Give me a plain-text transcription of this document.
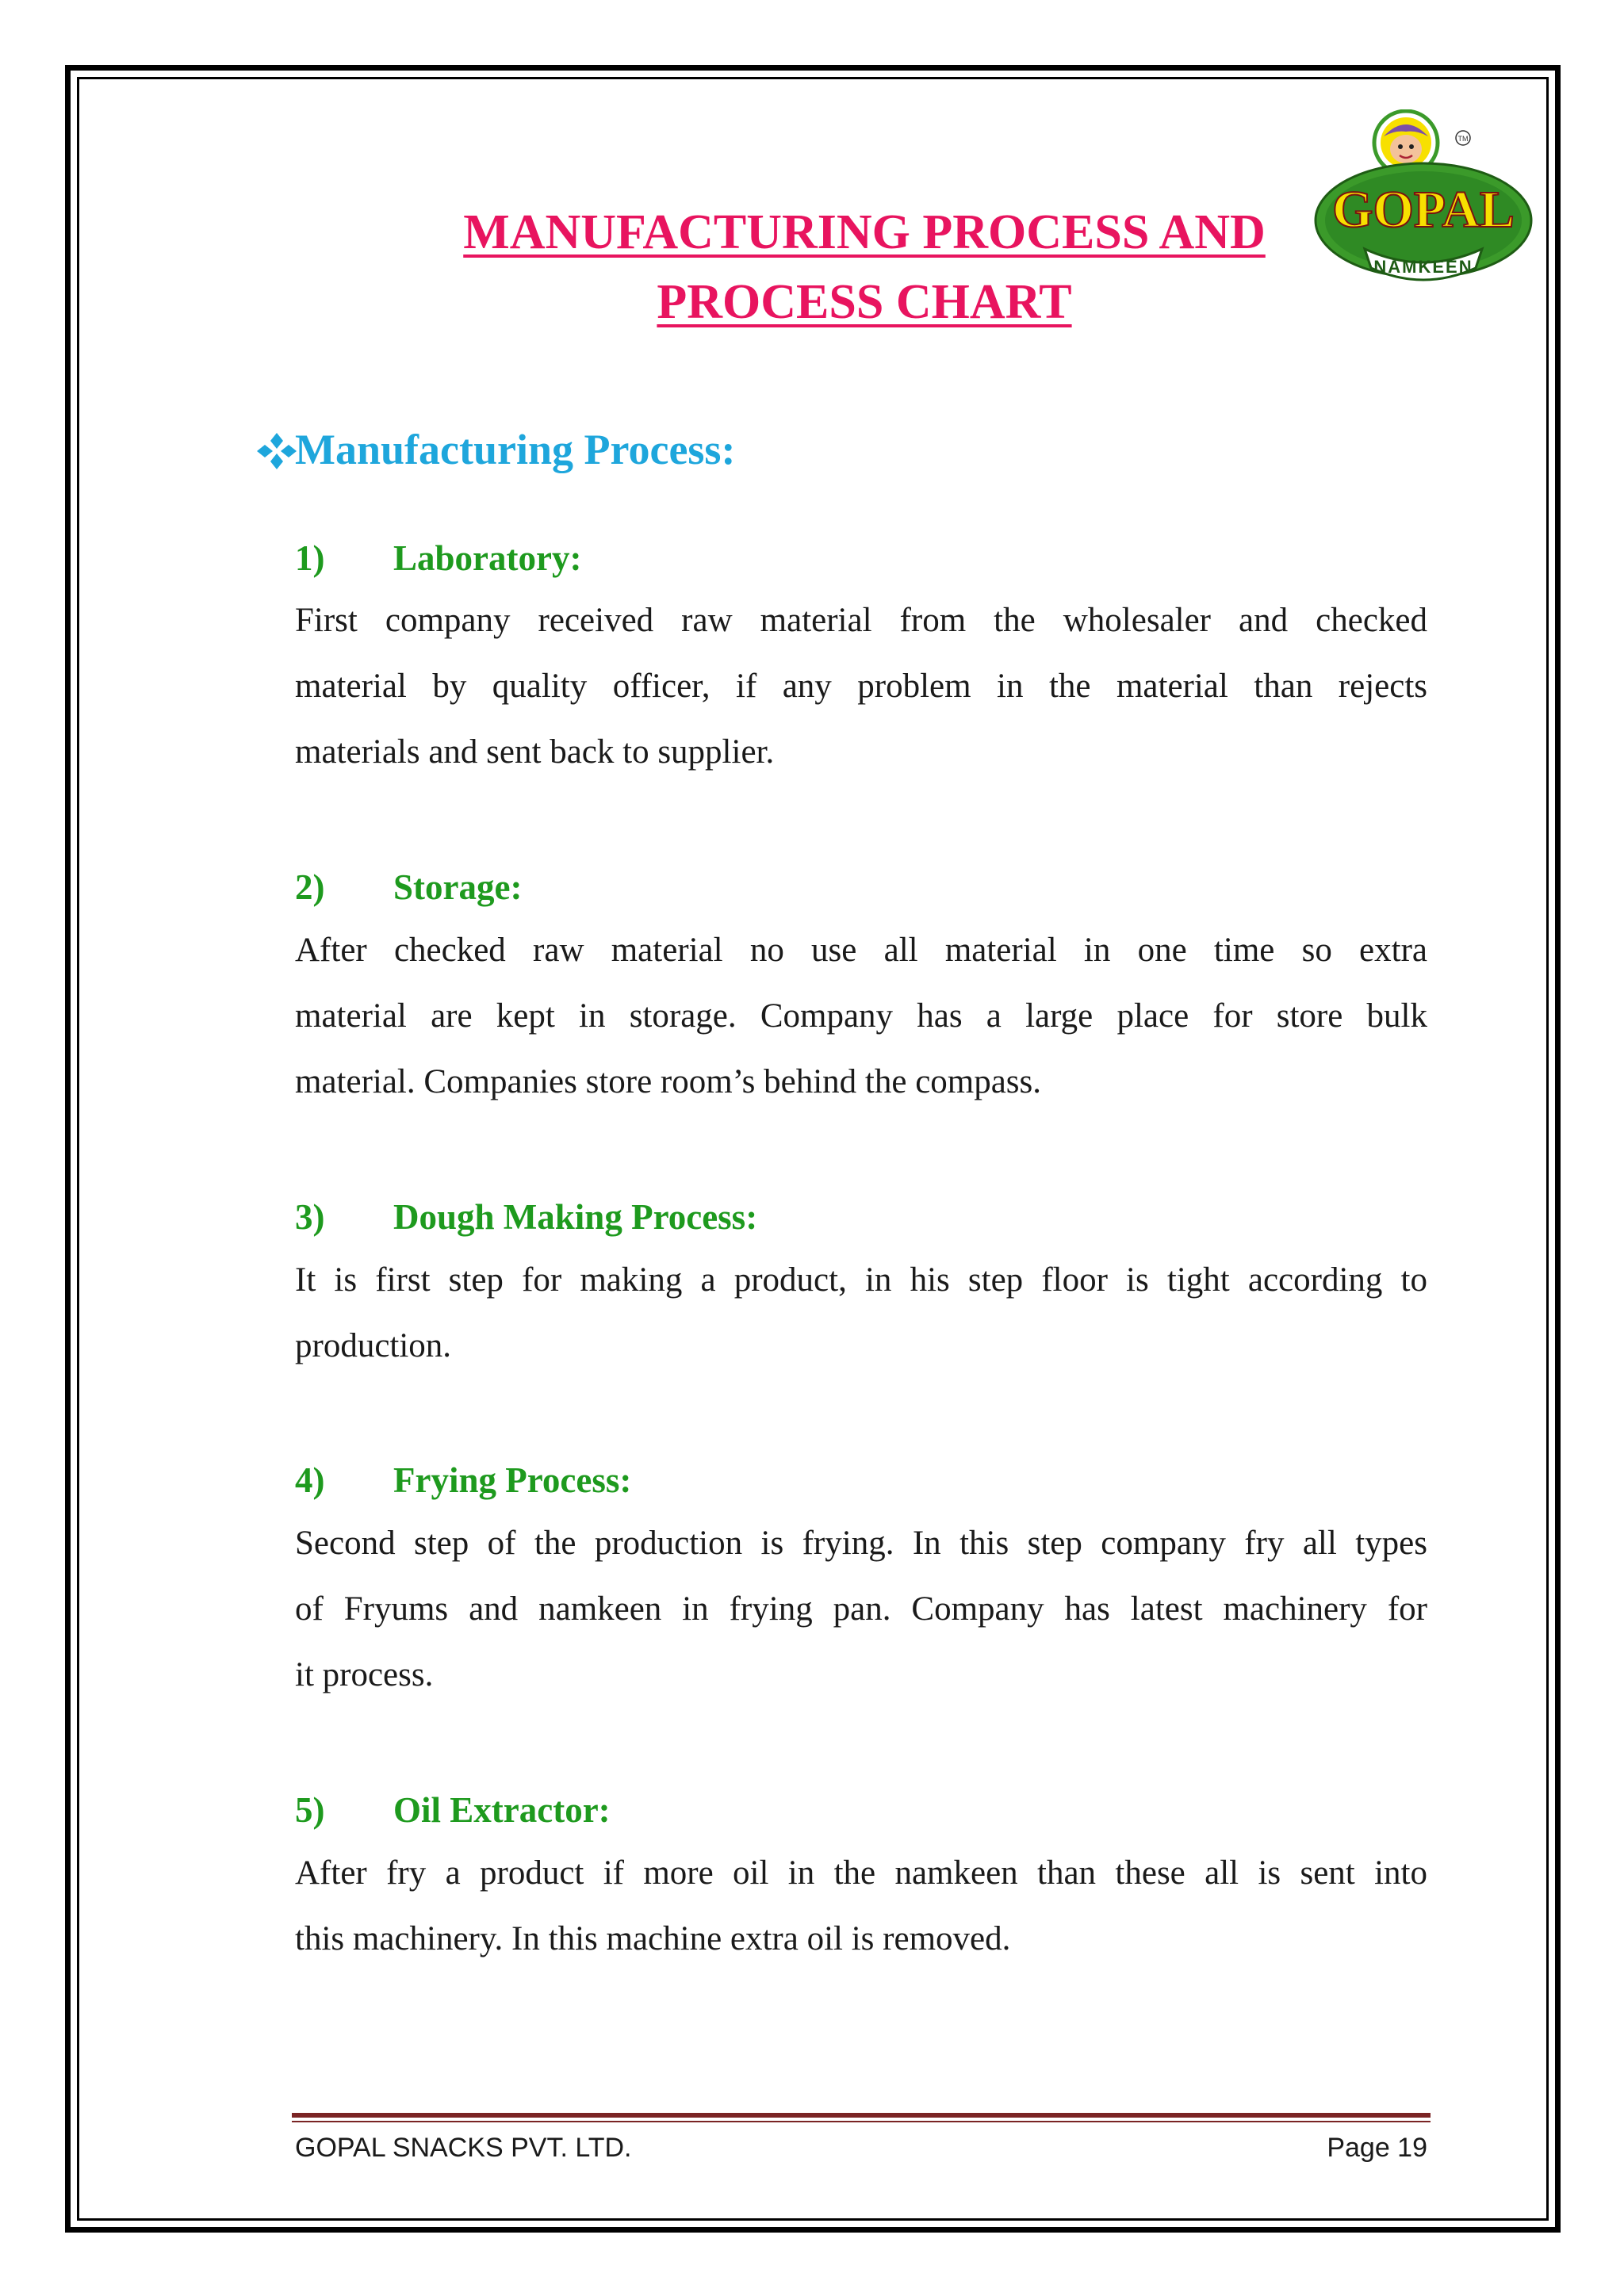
MANUFACTURING PROCESS AND
PROCESS CHART
TM
GOPAL
NAMKEEN
Manufacturing Process:
1) Laboratory:
First company received raw material from the wholesaler and checked
material by quality officer, if any problem in the material than rejects
materials and sent back to supplier.
2) Storage:
After checked raw material no use all material in one time so extra
material are kept in storage. Company has a large place for store bulk
material. Companies store room’s behind the compass.
3) Dough Making Process:
It is first step for making a product, in his step floor is tight according to
production.
4) Frying Process:
Second step of the production is frying. In this step company fry all types
of Fryums and namkeen in frying pan. Company has latest machinery for
it process.
5) Oil Extractor:
After fry a product if more oil in the namkeen than these all is sent into
this machinery. In this machine extra oil is removed.
GOPAL SNACKS PVT. LTD.	Page 19
